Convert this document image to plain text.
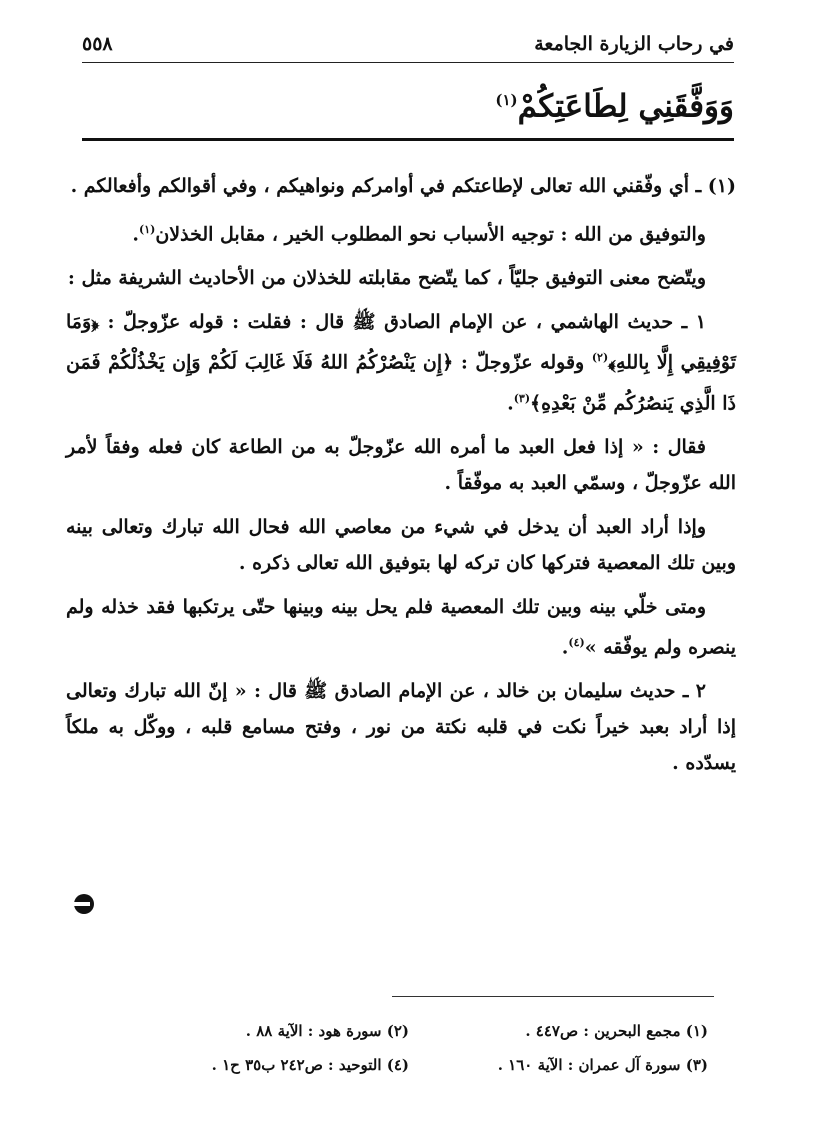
في رحاب الزيارة الجامعة
٥٥٨
وَوَفَّقَنِي لِطَاعَتِكُمْ$^{(١)}$

(١) ـ أي وفّقني الله تعالى لإطاعتكم في أوامركم ونواهيكم ، وفي أقوالكم وأفعالكم .

والتوفيق من الله : توجيه الأسباب نحو المطلوب الخير ، مقابل الخذلان$^{(١)}$.

ويتّضح معنى التوفيق جليّاً ، كما يتّضح مقابلته للخذلان من الأحاديث الشريفة مثل :

١ ـ حديث الهاشمي ، عن الإمام الصادق ﷺ قال : فقلت : قوله عزّوجلّ : ﴿وَمَا تَوْفِيقِي إِلَّا بِاللهِ﴾$^{(٢)}$ وقوله عزّوجلّ : ﴿إِن يَنْصُرْكُمُ اللهُ فَلَا غَالِبَ لَكُمْ وَإِن يَخْذُلْكُمْ فَمَن ذَا الَّذِي يَنصُرُكُم مِّنْ بَعْدِهِ﴾$^{(٣)}$.

فقال : « إذا فعل العبد ما أمره الله عزّوجلّ به من الطاعة كان فعله وفقاً لأمر الله عزّوجلّ ، وسمّي العبد به موفّقاً .

وإذا أراد العبد أن يدخل في شيء من معاصي الله فحال الله تبارك وتعالى بينه وبين تلك المعصية فتركها كان تركه لها بتوفيق الله تعالى ذكره .

ومتى خلّي بينه وبين تلك المعصية فلم يحل بينه وبينها حتّى يرتكبها فقد خذله ولم ينصره ولم يوفّقه »$^{(٤)}$.

٢ ـ حديث سليمان بن خالد ، عن الإمام الصادق ﷺ قال : « إنّ الله تبارك وتعالى إذا أراد بعبد خيراً نكت في قلبه نكتة من نور ، وفتح مسامع قلبه ، ووكّل به ملكاً يسدّده .

(١) مجمع البحرين : ص٤٤٧ .
(٢) سورة هود : الآية ٨٨ .
(٣) سورة آل عمران : الآية ١٦٠ .
(٤) التوحيد : ص٢٤٢ ب٣٥ ح١ .
